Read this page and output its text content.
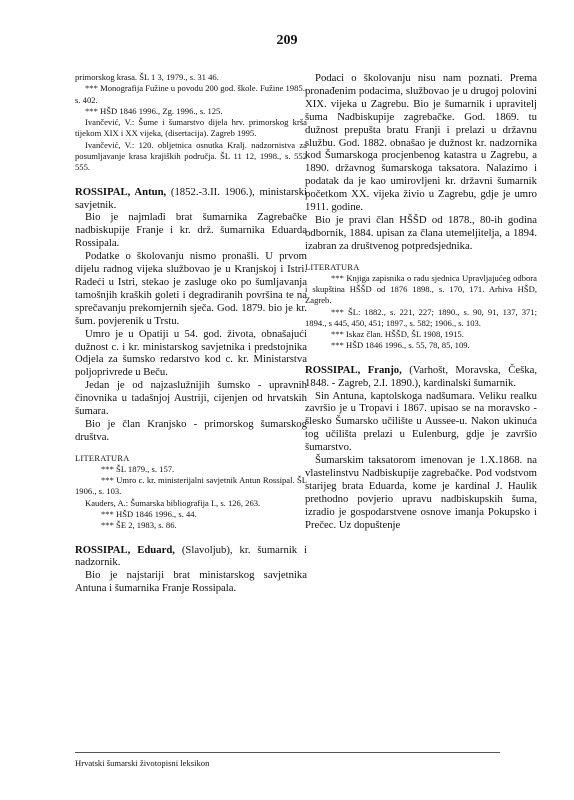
209

primorskog krasa. ŠL 1 3, 1979., s. 31 46.

*** Monografija Fužine u povodu 200 god. škole. Fužine 1985., s. 402.

*** HŠD 1846 1996., Zg. 1996., s. 125.

Ivančević, V.: Šume i šumarstvo dijela hrv. primorskog krša tijekom XIX i XX vijeka, (disertacija). Zagreb 1995.

Ivančević, V.: 120. obljetnica osnutka Kralj. nadzornistva za posumljavanje krasa krajiških područja. ŠL 11 12, 1998., s. 552 555.

ROSSIPAL, Antun, (1852.-3.II. 1906.), ministarski savjetnik.

Bio je najmlađi brat šumarnika Zagrebačke nadbiskupije Franje i kr. drž. šumarnika Eduarda Rossipala.

Podatke o školovanju nismo pronašli. U prvom dijelu radnog vijeka službovao je u Kranjskoj i Istri. Radeći u Istri, stekao je zasluge oko po šumljavanja tamošnjih kraških goleti i degradiranih površina te na sprečavanju prekomjernih sječa. God. 1879. bio je kr. šum. povjerenik u Trstu.

Umro je u Opatiji u 54. god. života, obnašajući dužnost c. i kr. ministarskog savjetnika i predstojnika Odjela za šumsko redarstvo kod c. kr. Ministarstva poljoprivrede u Beču.

Jedan je od najzaslužnijih šumsko - upravnih činovnika u tadašnjoj Austriji, cijenjen od hrvatskih šumara.

Bio je član Kranjsko - primorskog šumarskog društva.

LITERATURA

*** ŠL 1879., s. 157.

*** Umro c. kr. ministerijalni savjetnik Antun Rossipal. ŠL 1906., s. 103.

Kauders, A.: Šumarska bibliografija I., s. 126, 263.

*** HŠD 1846 1996., s. 44.

*** ŠE 2, 1983, s. 86.

ROSSIPAL, Eduard, (Slavoljub), kr. šumarnik i nadzornik.

Bio je najstariji brat ministarskog savjetnika Antuna i šumarnika Franje Rossipala.

Podaci o školovanju nisu nam poznati. Prema pronađenim podacima, službovao je u drugoj polovini XIX. vijeka u Zagrebu. Bio je šumarnik i upravitelj šuma Nadbiskupije zagrebačke. God. 1869. tu dužnost prepušta bratu Franji i prelazi u državnu službu. God. 1882. obnašao je dužnost kr. nadzornika kod Šumarskoga procjenbenog katastra u Zagrebu, a 1890. državnog šumarskoga taksatora. Nalazimo i podatak da je kao umirovljeni kr. državni šumarnik početkom XX. vijeka živio u Zagrebu, gdje je umro 1911. godine.

Bio je pravi član HŠŠD od 1878., 80-ih godina odbornik, 1884. upisan za člana utemeljitelja, a 1894. izabran za društvenog potpredsjednika.

LITERATURA

*** Knjiga zapisnika o radu sjednica Upravljajućeg odbora i skupština HŠŠD od 1876 1898., s. 170, 171. Arhiva HŠD, Zagreb.

*** ŠL: 1882., s. 221, 227; 1890., s. 90, 91, 137, 371; 1894., s 445, 450, 451; 1897., s. 582; 1906., s. 103.

*** Iskaz član. HŠŠD, ŠL 1908, 1915.

*** HŠD 1846 1996., s. 55, 78, 85, 109.

ROSSIPAL, Franjo, (Varhošt, Moravska, Češka, 1848. - Zagreb, 2.I. 1890.), kardinalski šumarnik.

Sin Antuna, kaptolskoga nadšumara. Veliku realku završio je u Tropavi i 1867. upisao se na moravsko - šlesko Šumarsko učilište u Aussee-u. Nakon ukinuća tog učilišta prelazi u Eulenburg, gdje je završio šumarstvo.

Šumarskim taksatorom imenovan je 1.X.1868. na vlastelinstvu Nadbiskupije zagrebačke. Pod vodstvom starijeg brata Eduarda, kome je kardinal J. Haulik prethodno povjerio upravu nadbiskupskih šuma, izradio je gospodarstvene osnove imanja Pokupsko i Prečec. Uz dopuštenje

Hrvatski šumarski životopisni leksikon
